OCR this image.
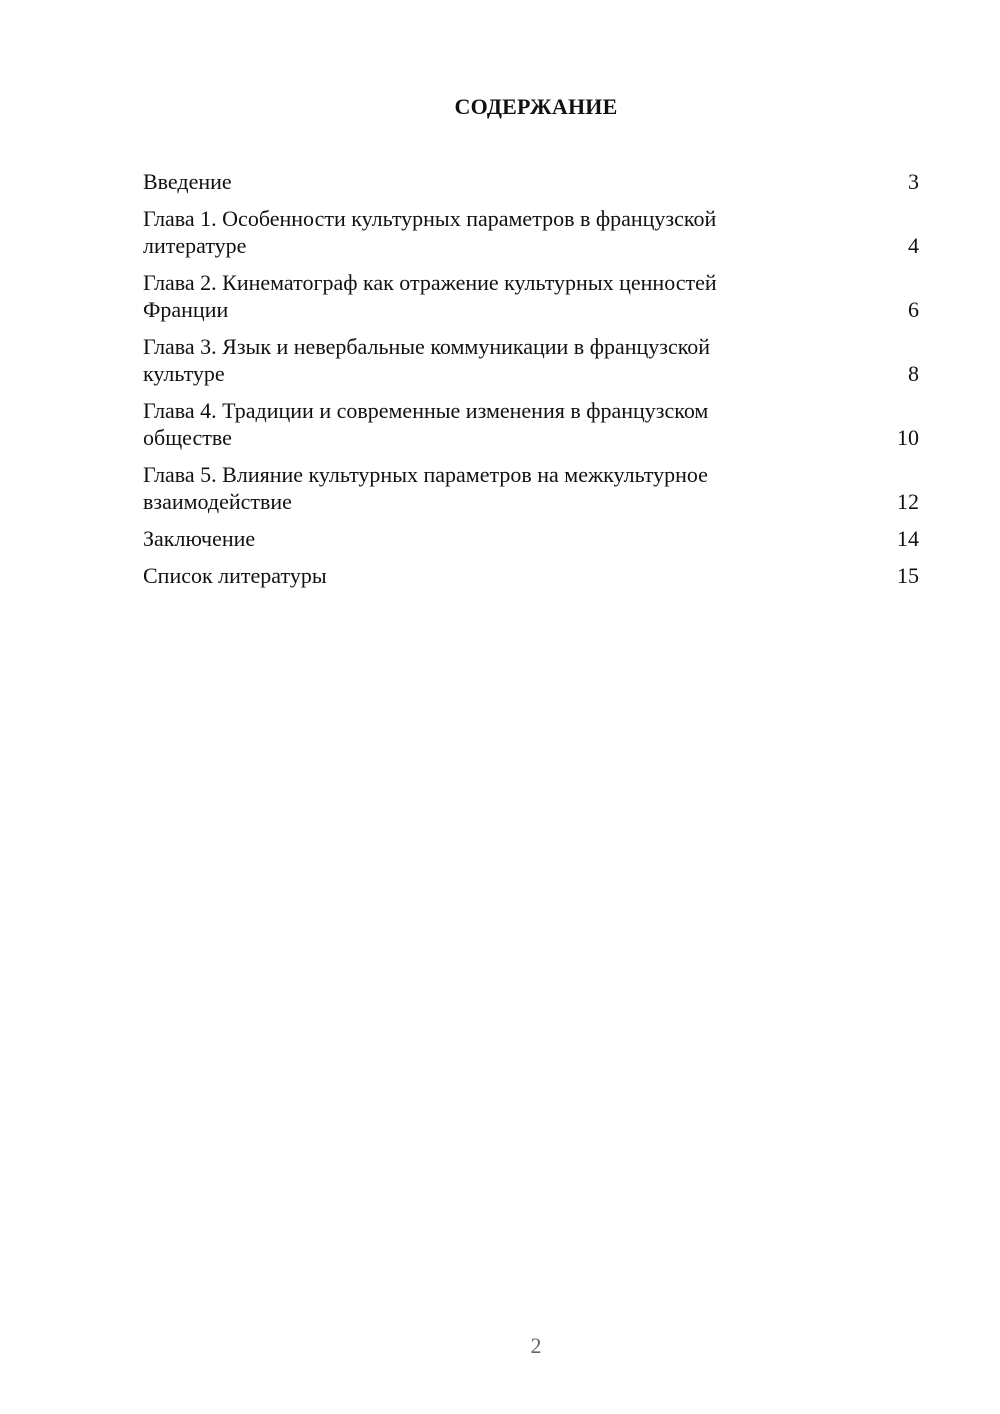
СОДЕРЖАНИЕ
Введение	3
Глава 1. Особенности культурных параметров в французской
литературе	4
Глава 2. Кинематограф как отражение культурных ценностей
Франции	6
Глава 3. Язык и невербальные коммуникации в французской
культуре	8
Глава 4. Традиции и современные изменения в французском
обществе	10
Глава 5. Влияние культурных параметров на межкультурное
взаимодействие	12
Заключение	14
Список литературы	15
2
